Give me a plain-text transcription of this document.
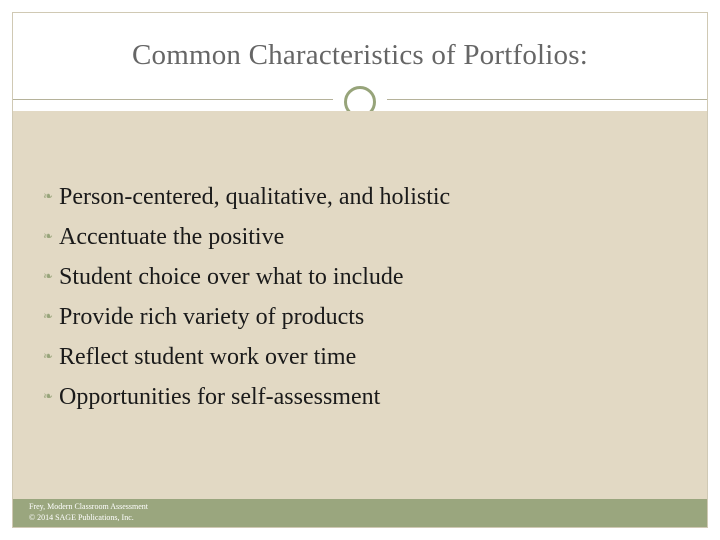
Common Characteristics of Portfolios:
❧ Person-centered, qualitative, and holistic
❧ Accentuate the positive
❧ Student choice over what to include
❧ Provide rich variety of products
❧ Reflect student work over time
❧ Opportunities for self-assessment
Frey, Modern Classroom Assessment
© 2014 SAGE Publications, Inc.
